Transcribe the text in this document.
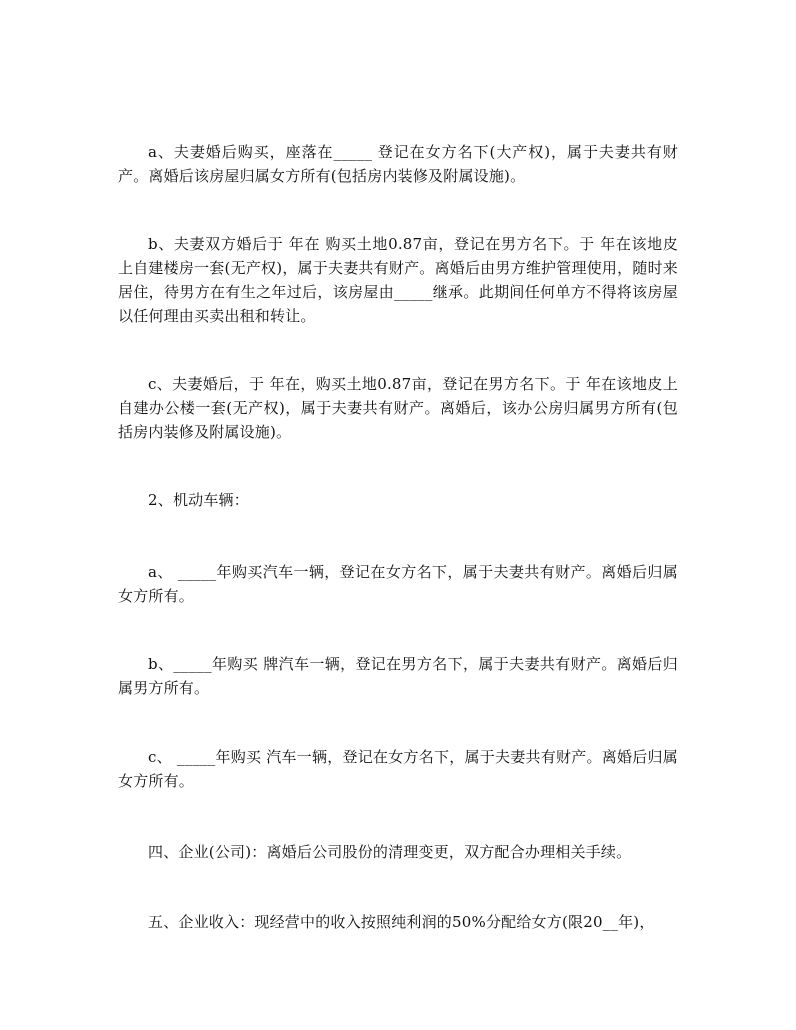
a、夫妻婚后购买，座落在_____ 登记在女方名下(大产权)，属于夫妻共有财产。离婚后该房屋归属女方所有(包括房内装修及附属设施)。

b、夫妻双方婚后于 年在 购买土地0.87亩，登记在男方名下。于 年在该地皮上自建楼房一套(无产权)，属于夫妻共有财产。离婚后由男方维护管理使用，随时来居住，待男方在有生之年过后，该房屋由_____继承。此期间任何单方不得将该房屋以任何理由买卖出租和转让。

c、夫妻婚后，于 年在，购买土地0.87亩，登记在男方名下。于 年在该地皮上自建办公楼一套(无产权)，属于夫妻共有财产。离婚后，该办公房归属男方所有(包括房内装修及附属设施)。

2、机动车辆：

a、 _____年购买汽车一辆，登记在女方名下，属于夫妻共有财产。离婚后归属女方所有。

b、_____年购买 牌汽车一辆，登记在男方名下，属于夫妻共有财产。离婚后归属男方所有。

c、 _____年购买 汽车一辆，登记在女方名下，属于夫妻共有财产。离婚后归属女方所有。

四、企业(公司)：离婚后公司股份的清理变更，双方配合办理相关手续。

五、企业收入：现经营中的收入按照纯利润的50%分配给女方(限20__年)，
